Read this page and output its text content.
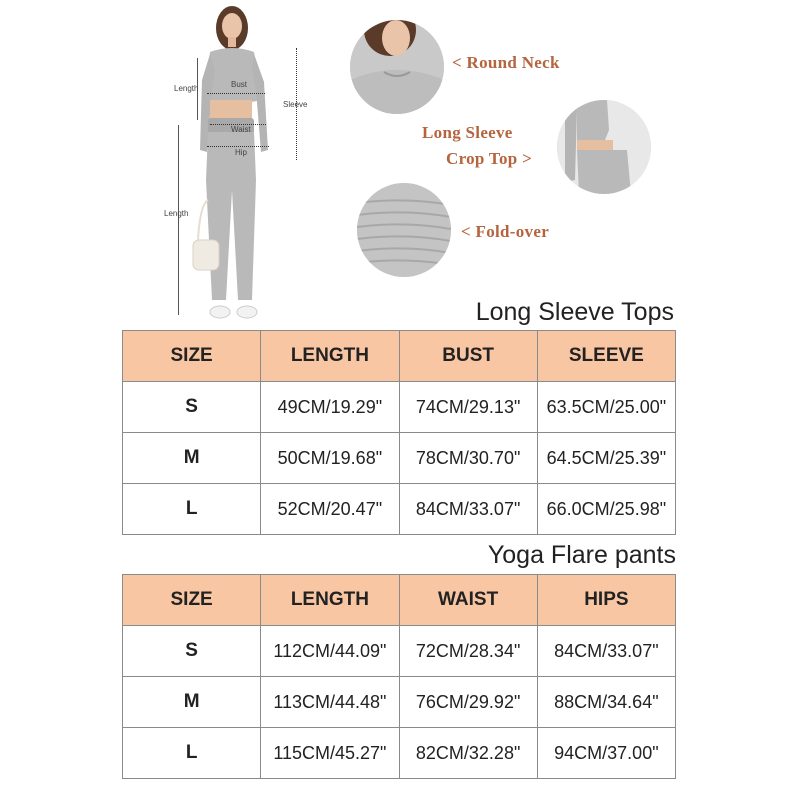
Length	Bust
Sleeve
Waist
Hip
Length
< Round Neck
Long Sleeve
Crop Top >
< Fold-over
Long Sleeve Tops
SIZE	LENGTH	BUST	SLEEVE
S	49CM/19.29"	74CM/29.13"	63.5CM/25.00"
M	50CM/19.68"	78CM/30.70"	64.5CM/25.39"
L	52CM/20.47"	84CM/33.07"	66.0CM/25.98"
Yoga Flare pants
SIZE	LENGTH	WAIST	HIPS
S	112CM/44.09"	72CM/28.34"	84CM/33.07"
M	113CM/44.48"	76CM/29.92"	88CM/34.64"
L	115CM/45.27"	82CM/32.28"	94CM/37.00"
